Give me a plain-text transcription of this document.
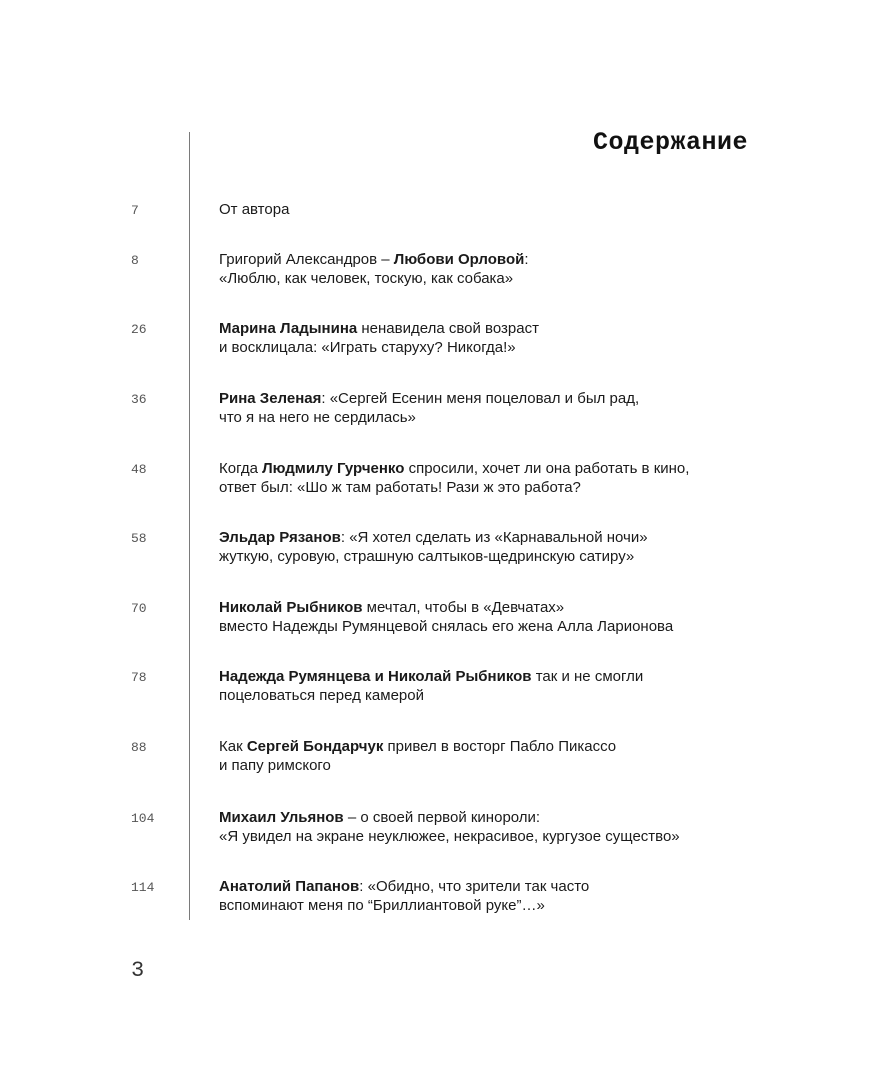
Содержание
7	От автора
8	Григорий Александров – Любови Орловой:
«Люблю, как человек, тоскую, как собака»
26	Марина Ладынина ненавидела свой возраст
и восклицала: «Играть старуху? Никогда!»
36	Рина Зеленая: «Сергей Есенин меня поцеловал и был рад,
что я на него не сердилась»
48	Когда Людмилу Гурченко спросили, хочет ли она работать в кино,
ответ был: «Шо ж там работать! Рази ж это работа?
58	Эльдар Рязанов: «Я хотел сделать из «Карнавальной ночи»
жуткую, суровую, страшную салтыков-щедринскую сатиру»
70	Николай Рыбников мечтал, чтобы в «Девчатах»
вместо Надежды Румянцевой снялась его жена Алла Ларионова
78	Надежда Румянцева и Николай Рыбников так и не смогли
поцеловаться перед камерой
88	Как Сергей Бондарчук привел в восторг Пабло Пикассо
и папу римского
104	Михаил Ульянов – о своей первой кинороли:
«Я увидел на экране неуклюжее, некрасивое, кургузое существо»
114	Анатолий Папанов: «Обидно, что зрители так часто
вспоминают меня по “Бриллиантовой руке”…»
3
